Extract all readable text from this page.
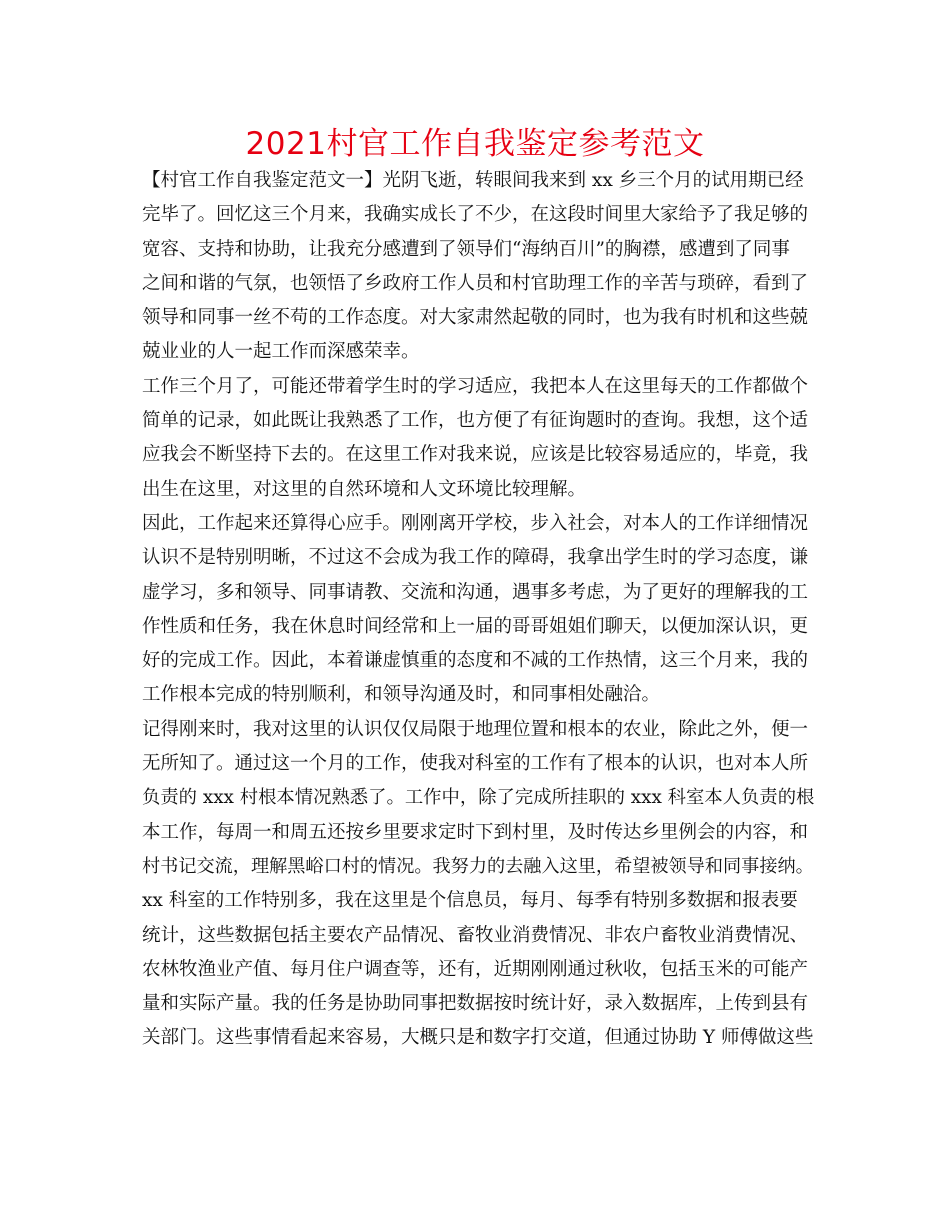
2021村官工作自我鉴定参考范文
【村官工作自我鉴定范文一】光阴飞逝，转眼间我来到 xx 乡三个月的试用期已经
完毕了。回忆这三个月来，我确实成长了不少，在这段时间里大家给予了我足够的
宽容、支持和协助，让我充分感遭到了领导们“海纳百川”的胸襟，感遭到了同事
之间和谐的气氛，也领悟了乡政府工作人员和村官助理工作的辛苦与琐碎，看到了
领导和同事一丝不苟的工作态度。对大家肃然起敬的同时，也为我有时机和这些兢
兢业业的人一起工作而深感荣幸。
工作三个月了，可能还带着学生时的学习适应，我把本人在这里每天的工作都做个
简单的记录，如此既让我熟悉了工作，也方便了有征询题时的查询。我想，这个适
应我会不断坚持下去的。在这里工作对我来说，应该是比较容易适应的，毕竟，我
出生在这里，对这里的自然环境和人文环境比较理解。
因此，工作起来还算得心应手。刚刚离开学校，步入社会，对本人的工作详细情况
认识不是特别明晰，不过这不会成为我工作的障碍，我拿出学生时的学习态度，谦
虚学习，多和领导、同事请教、交流和沟通，遇事多考虑，为了更好的理解我的工
作性质和任务，我在休息时间经常和上一届的哥哥姐姐们聊天，以便加深认识，更
好的完成工作。因此，本着谦虚慎重的态度和不减的工作热情，这三个月来，我的
工作根本完成的特别顺利，和领导沟通及时，和同事相处融洽。
记得刚来时，我对这里的认识仅仅局限于地理位置和根本的农业，除此之外，便一
无所知了。通过这一个月的工作，使我对科室的工作有了根本的认识，也对本人所
负责的 xxx 村根本情况熟悉了。工作中，除了完成所挂职的 xxx 科室本人负责的根
本工作，每周一和周五还按乡里要求定时下到村里，及时传达乡里例会的内容，和
村书记交流，理解黑峪口村的情况。我努力的去融入这里，希望被领导和同事接纳。
xx 科室的工作特别多，我在这里是个信息员，每月、每季有特别多数据和报表要
统计，这些数据包括主要农产品情况、畜牧业消费情况、非农户畜牧业消费情况、
农林牧渔业产值、每月住户调查等，还有，近期刚刚通过秋收，包括玉米的可能产
量和实际产量。我的任务是协助同事把数据按时统计好，录入数据库，上传到县有
关部门。这些事情看起来容易，大概只是和数字打交道，但通过协助 Y 师傅做这些
